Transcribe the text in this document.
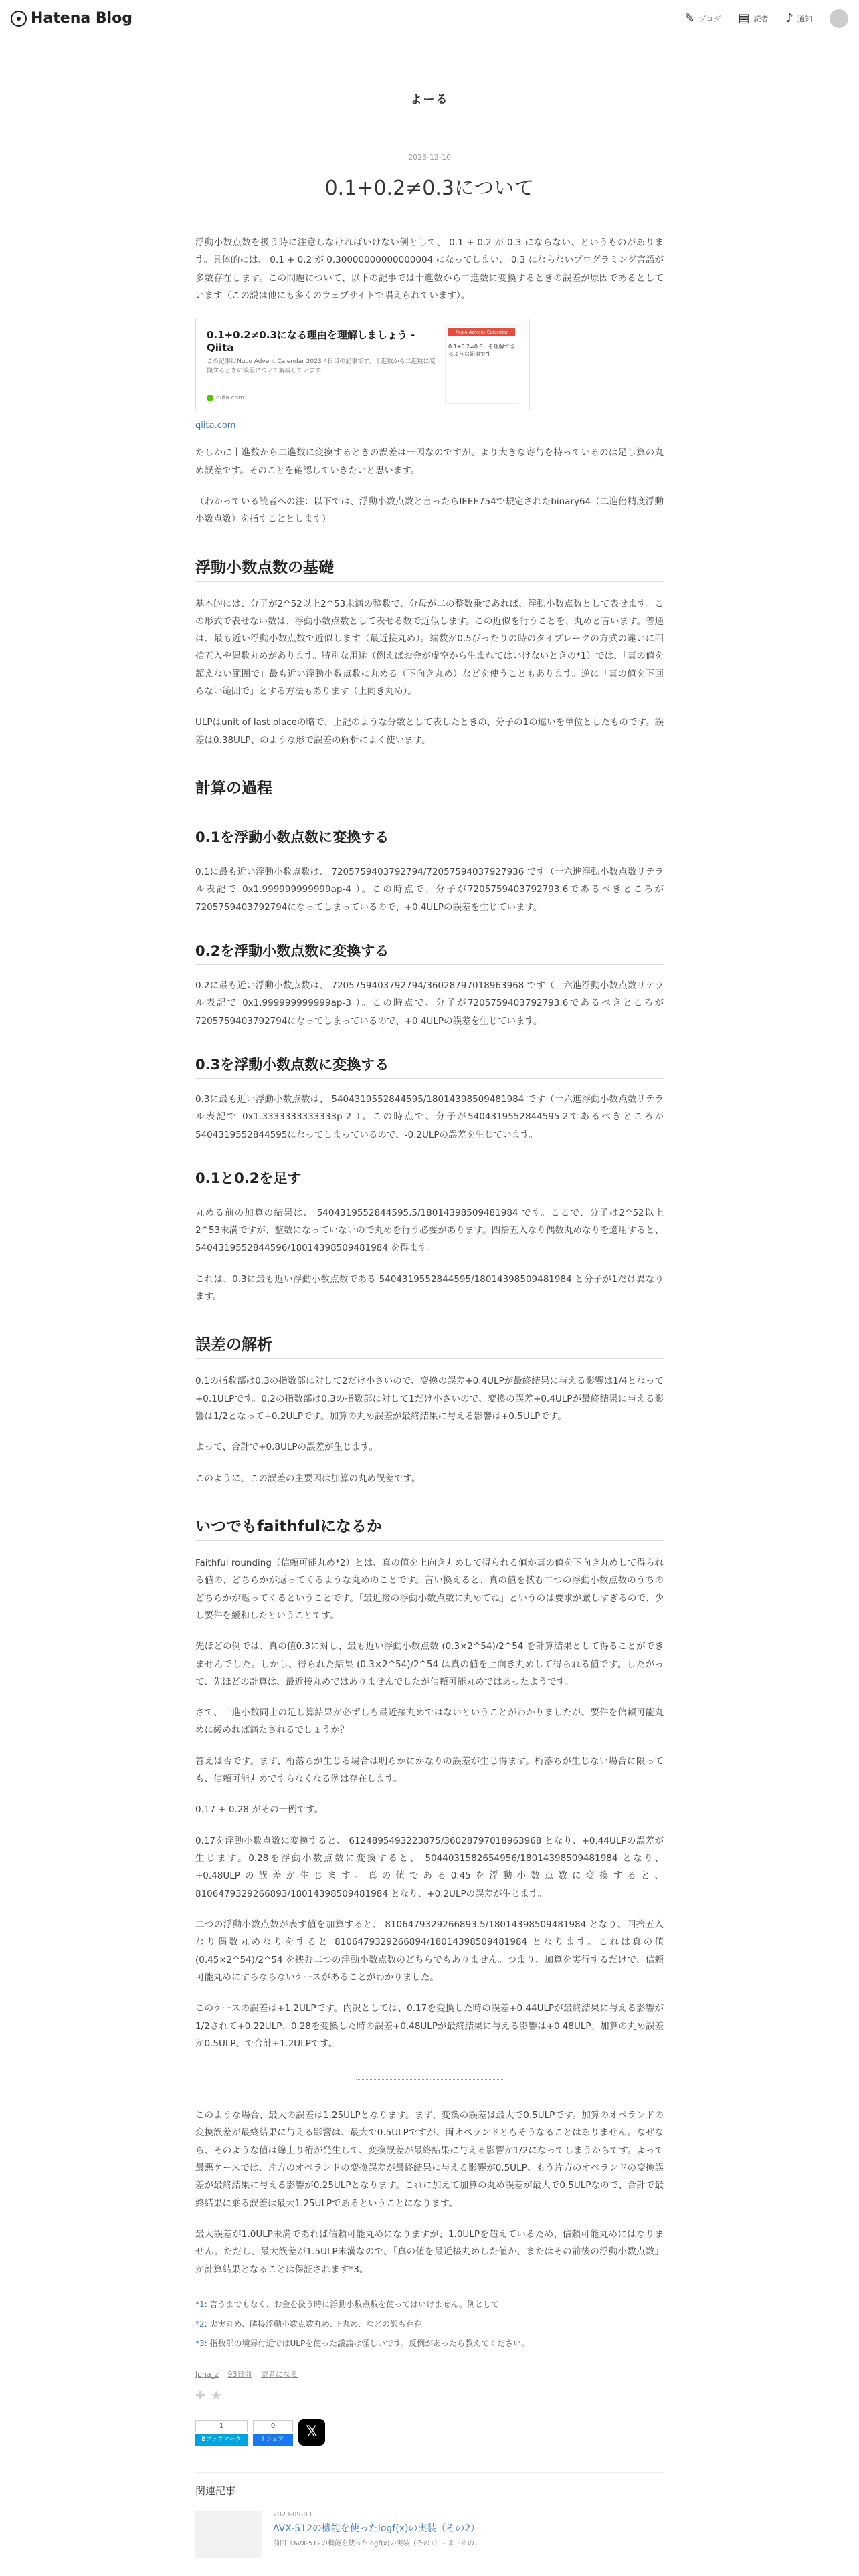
Hatena Blog	✎ ブログ ▤ 読者 ♪ 通知
よーる
2023-12-10
0.1+0.2≠0.3について

浮動小数点数を扱う時に注意しなければいけない例として、 0.1 + 0.2 が 0.3 にならない、というものがあります。具体的には、 0.1 + 0.2 が 0.30000000000000004 になってしまい、 0.3 にならないプログラミング言語が多数存在します。この問題について、以下の記事では十進数から二進数に変換するときの誤差が原因であるとしています（この説は他にも多くのウェブサイトで唱えられています）。

0.1+0.2≠0.3になる理由を理解しましょう - Qiita
この記事はNuco Advent Calendar 2023 4日目の記事です。十進数から二進数に変換するときの誤差について解説しています…
qiita.com
Nuco Advent Calendar
0.1+0.2≠0.3、を理解できるような記事です
qiita.com

たしかに十進数から二進数に変換するときの誤差は一因なのですが、より大きな寄与を持っているのは足し算の丸め誤差です。そのことを確認していきたいと思います。

（わかっている読者への注：以下では、浮動小数点数と言ったらIEEE754で規定されたbinary64（二進倍精度浮動小数点数）を指すこととします）

浮動小数点数の基礎

基本的には、分子が2^52以上2^53未満の整数で、分母が二の整数乗であれば、浮動小数点数として表せます。この形式で表せない数は、浮動小数点数として表せる数で近似します。この近似を行うことを、丸めと言います。普通は、最も近い浮動小数点数で近似します（最近接丸め）。端数が0.5ぴったりの時のタイブレークの方式の違いに四捨五入や偶数丸めがあります。特別な用途（例えばお金が虚空から生まれてはいけないときの*1）では、「真の値を超えない範囲で」最も近い浮動小数点数に丸める（下向き丸め）などを使うこともあります。逆に「真の値を下回らない範囲で」とする方法もあります（上向き丸め）。

ULPはunit of last placeの略で、上記のような分数として表したときの、分子の1の違いを単位としたものです。誤差は0.38ULP、のような形で誤差の解析によく使います。

計算の過程
0.1を浮動小数点数に変換する

0.1に最も近い浮動小数点数は、 7205759403792794/72057594037927936 です（十六進浮動小数点数リテラル表記で 0x1.999999999999ap-4 ）。この時点で、分子が7205759403792793.6であるべきところが7205759403792794になってしまっているので、+0.4ULPの誤差を生じています。

0.2を浮動小数点数に変換する

0.2に最も近い浮動小数点数は、 7205759403792794/36028797018963968 です（十六進浮動小数点数リテラル表記で 0x1.999999999999ap-3 ）。この時点で、分子が7205759403792793.6であるべきところが7205759403792794になってしまっているので、+0.4ULPの誤差を生じています。

0.3を浮動小数点数に変換する

0.3に最も近い浮動小数点数は、 5404319552844595/18014398509481984 です（十六進浮動小数点数リテラル表記で 0x1.3333333333333p-2 ）。この時点で、分子が5404319552844595.2であるべきところが5404319552844595になってしまっているので、-0.2ULPの誤差を生じています。

0.1と0.2を足す

丸める前の加算の結果は、 5404319552844595.5/18014398509481984 です。ここで、分子は2^52以上2^53未満ですが、整数になっていないので丸めを行う必要があります。四捨五入なり偶数丸めなりを適用すると、 5404319552844596/18014398509481984 を得ます。

これは、0.3に最も近い浮動小数点数である 5404319552844595/18014398509481984 と分子が1だけ異なります。

誤差の解析

0.1の指数部は0.3の指数部に対して2だけ小さいので、変換の誤差+0.4ULPが最終結果に与える影響は1/4となって+0.1ULPです。0.2の指数部は0.3の指数部に対して1だけ小さいので、変換の誤差+0.4ULPが最終結果に与える影響は1/2となって+0.2ULPです。加算の丸め誤差が最終結果に与える影響は+0.5ULPです。

よって、合計で+0.8ULPの誤差が生じます。

このように、この誤差の主要因は加算の丸め誤差です。

いつでもfaithfulになるか

Faithful rounding（信頼可能丸め*2）とは、真の値を上向き丸めして得られる値か真の値を下向き丸めして得られる値の、どちらかが返ってくるような丸めのことです。言い換えると、真の値を挟む二つの浮動小数点数のうちのどちらかが返ってくるということです。「最近接の浮動小数点数に丸めてね」というのは要求が厳しすぎるので、少し要件を緩和したということです。

先ほどの例では、真の値0.3に対し、最も近い浮動小数点数 (0.3×2^54)/2^54 を計算結果として得ることができませんでした。しかし、得られた結果 (0.3×2^54)/2^54 は真の値を上向き丸めして得られる値です。したがって、先ほどの計算は、最近接丸めではありませんでしたが信頼可能丸めではあったようです。

さて、十進小数同士の足し算結果が必ずしも最近接丸めではないということがわかりましたが、要件を信頼可能丸めに緩めれば満たされるでしょうか？

答えは否です。まず、桁落ちが生じる場合は明らかにかなりの誤差が生じ得ます。桁落ちが生じない場合に限っても、信頼可能丸めですらなくなる例は存在します。

0.17 + 0.28 がその一例です。

0.17を浮動小数点数に変換すると、 6124895493223875/36028797018963968 となり、+0.44ULPの誤差が生じます。0.28を浮動小数点数に変換すると、 5044031582654956/18014398509481984 となり、+0.48ULPの誤差が生じます。真の値である0.45を浮動小数点数に変換すると、 8106479329266893/18014398509481984 となり、+0.2ULPの誤差が生じます。

二つの浮動小数点数が表す値を加算すると、 8106479329266893.5/18014398509481984 となり、四捨五入なり偶数丸めなりをすると 8106479329266894/18014398509481984 となります。これは真の値 (0.45×2^54)/2^54 を挟む二つの浮動小数点数のどちらでもありません。つまり、加算を実行するだけで、信頼可能丸めにすらならないケースがあることがわかりました。

このケースの誤差は+1.2ULPです。内訳としては、0.17を変換した時の誤差+0.44ULPが最終結果に与える影響が1/2されて+0.22ULP、0.28を変換した時の誤差+0.48ULPが最終結果に与える影響は+0.48ULP、加算の丸め誤差が0.5ULP、で合計+1.2ULPです。

このような場合、最大の誤差は1.25ULPとなります。まず、変換の誤差は最大で0.5ULPです。加算のオペランドの変換誤差が最終結果に与える影響は、最大で0.5ULPですが、両オペランドともそうなることはありません。なぜなら、そのような値は線上り桁が発生して、変換誤差が最終結果に与える影響が1/2になってしまうからです。よって最悪ケースでは、片方のオペランドの変換誤差が最終結果に与える影響が0.5ULP、もう片方のオペランドの変換誤差が最終結果に与える影響が0.25ULPとなります。これに加えて加算の丸め誤差が最大で0.5ULPなので、合計で最終結果に乗る誤差は最大1.25ULPであるということになります。

最大誤差が1.0ULP未満であれば信頼可能丸めになりますが、1.0ULPを超えているため、信頼可能丸めにはなりません。ただし、最大誤差が1.5ULP未満なので、「真の値を最近接丸めした値か、またはその前後の浮動小数点数」が計算結果となることは保証されます*3。

*1: 言うまでもなく、お金を扱う時に浮動小数点数を使ってはいけません。例として
*2: 忠実丸め、隣接浮動小数点数丸め、F丸め、などの訳も存在
*3: 指数部の境界付近ではULPを使った議論は怪しいです。反例があったら教えてください。
lpha_z 93日前 読者になる
✚ ★
1
Bブックマーク
0
f シェア	𝕏
関連記事
2023-09-03
AVX-512の機能を使ったlogf(x)の実装（その2）
前回（AVX-512の機能を使ったlogf(x)の実装（その1） - よーるの…
